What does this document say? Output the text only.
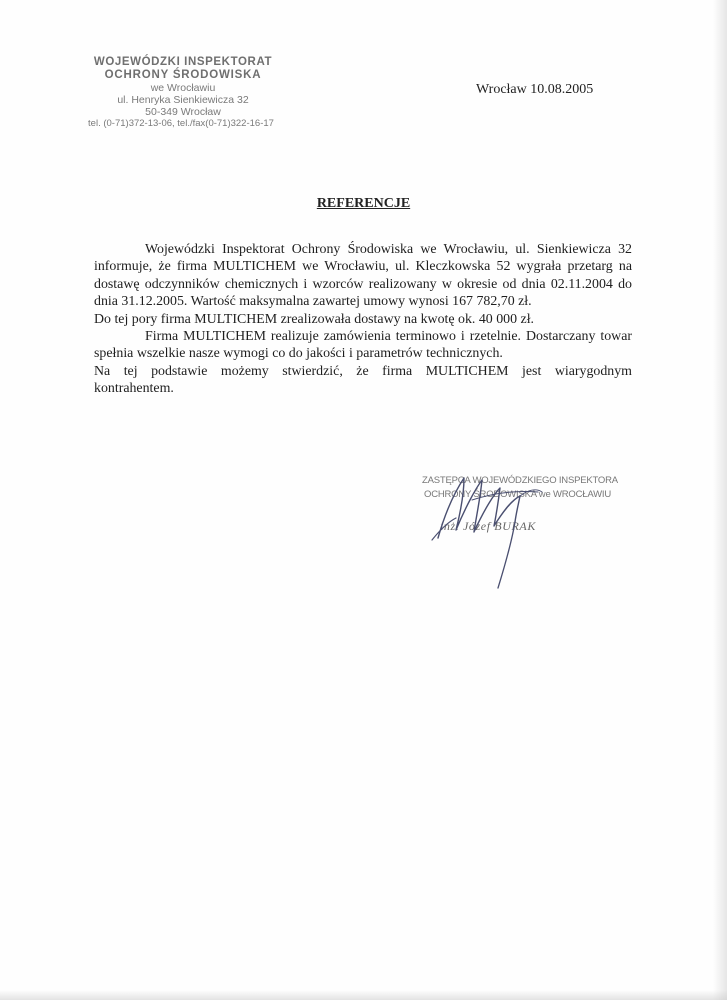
WOJEWÓDZKI INSPEKTORAT
OCHRONY ŚRODOWISKA
we Wrocławiu
ul. Henryka Sienkiewicza 32
50-349 Wrocław
tel. (0-71)372-13-06, tel./fax(0-71)322-16-17
Wrocław 10.08.2005
REFERENCJE

Wojewódzki Inspektorat Ochrony Środowiska we Wrocławiu, ul. Sienkiewicza 32

informuje, że firma MULTICHEM we Wrocławiu, ul. Kleczkowska 52 wygrała przetarg na dostawę odczynników chemicznych i wzorców realizowany w okresie od dnia 02.11.2004 do dnia 31.12.2005. Wartość maksymalna zawartej umowy wynosi 167 782,70 zł.

Do tej pory firma MULTICHEM zrealizowała dostawy na kwotę ok. 40 000 zł.

Firma MULTICHEM realizuje zamówienia terminowo i rzetelnie. Dostarczany towar spełnia wszelkie nasze wymogi co do jakości i parametrów technicznych.

Na tej podstawie możemy stwierdzić, że firma MULTICHEM jest wiarygodnym

kontrahentem.

ZASTĘPCA WOJEWÓDZKIEGO INSPEKTORA
OCHRONY ŚRODOWISKA we WROCŁAWIU
inż. Józef BURAK
